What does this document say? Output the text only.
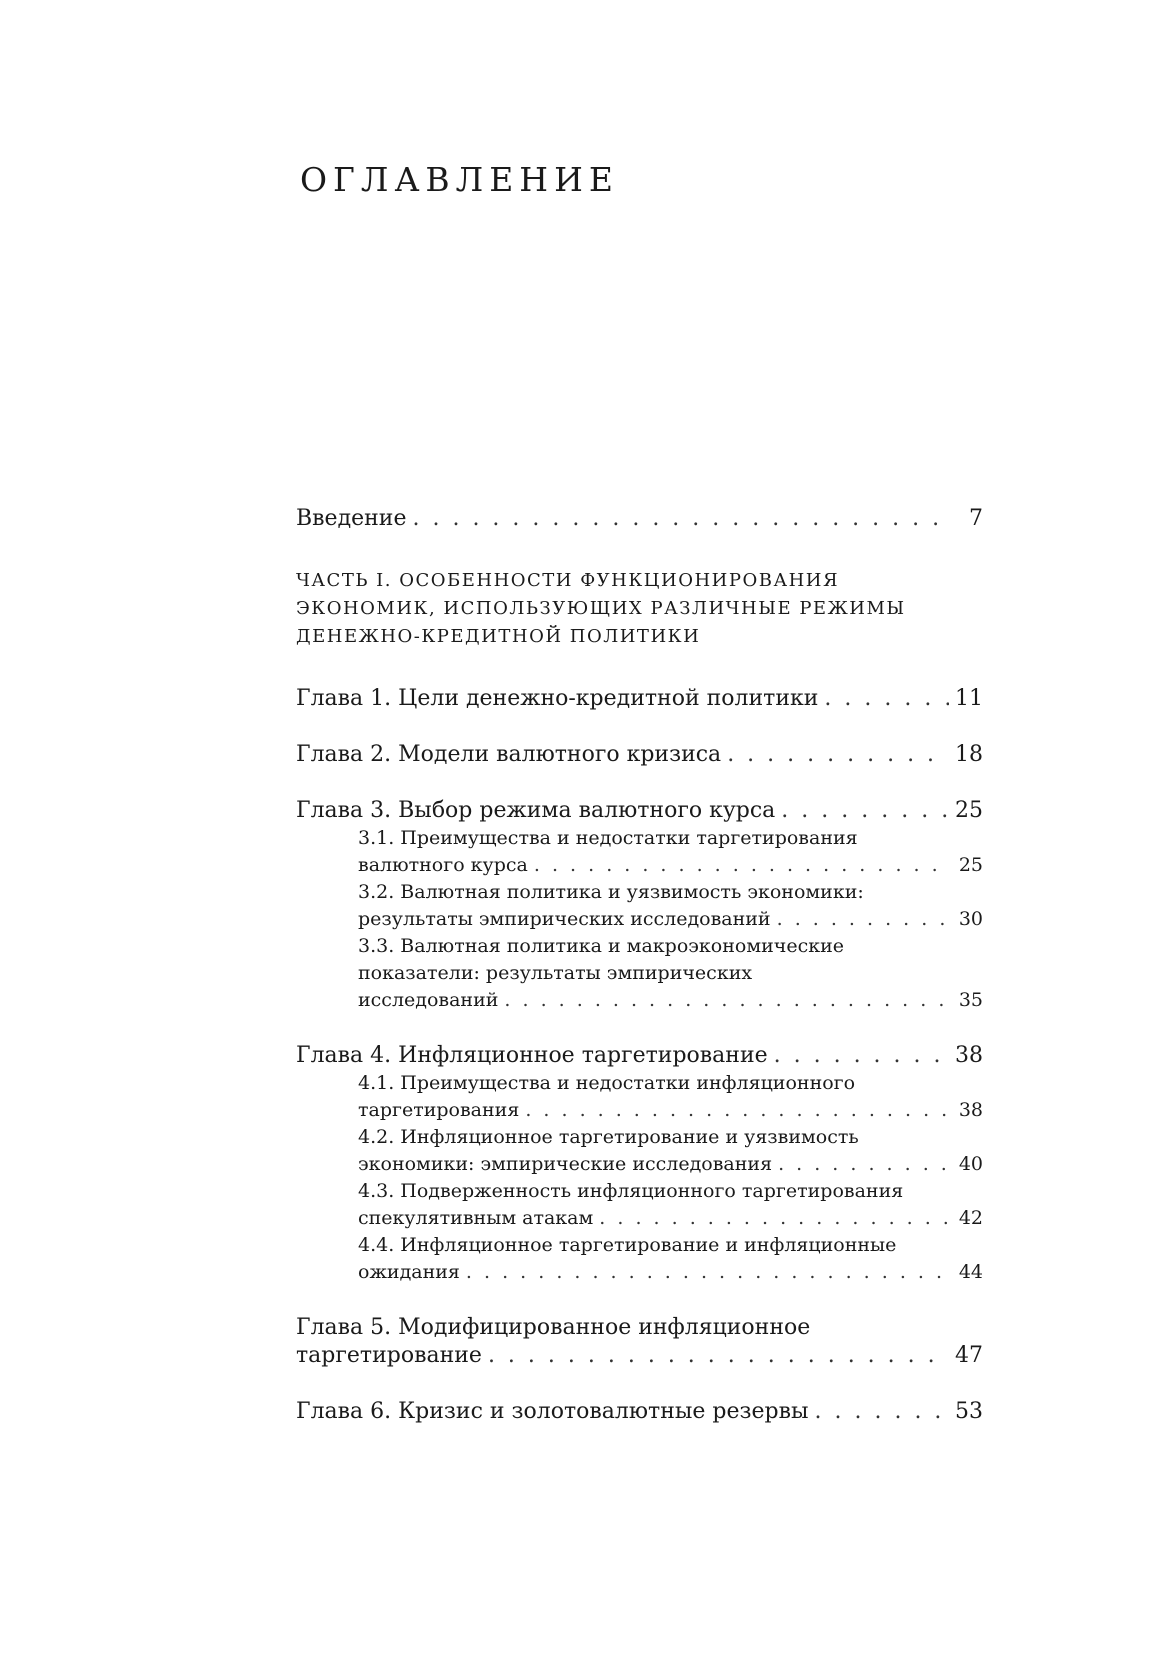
ОГЛАВЛЕНИЕ
Введение . . .	7
ЧАСТЬ I. ОСОБЕННОСТИ ФУНКЦИОНИРОВАНИЯ
ЭКОНОМИК, ИСПОЛЬЗУЮЩИХ РАЗЛИЧНЫЕ РЕЖИМЫ
ДЕНЕЖНО-КРЕДИТНОЙ ПОЛИТИКИ
Глава 1. Цели денежно-кредитной политики . . .	11
Глава 2. Модели валютного кризиса . . .	18
Глава 3. Выбор режима валютного курса . . .	25
3.1. Преимущества и недостатки таргетирования
валютного курса . . .	25
3.2. Валютная политика и уязвимость экономики:
результаты эмпирических исследований . . .	30
3.3. Валютная политика и макроэкономические
показатели: результаты эмпирических
исследований . . .	35
Глава 4. Инфляционное таргетирование . . .	38
4.1. Преимущества и недостатки инфляционного
таргетирования . . .	38
4.2. Инфляционное таргетирование и уязвимость
экономики: эмпирические исследования . . .	40
4.3. Подверженность инфляционного таргетирования
спекулятивным атакам . . .	42
4.4. Инфляционное таргетирование и инфляционные
ожидания . . .	44
Глава 5. Модифицированное инфляционное
таргетирование . . .	47
Глава 6. Кризис и золотовалютные резервы . . .	53
